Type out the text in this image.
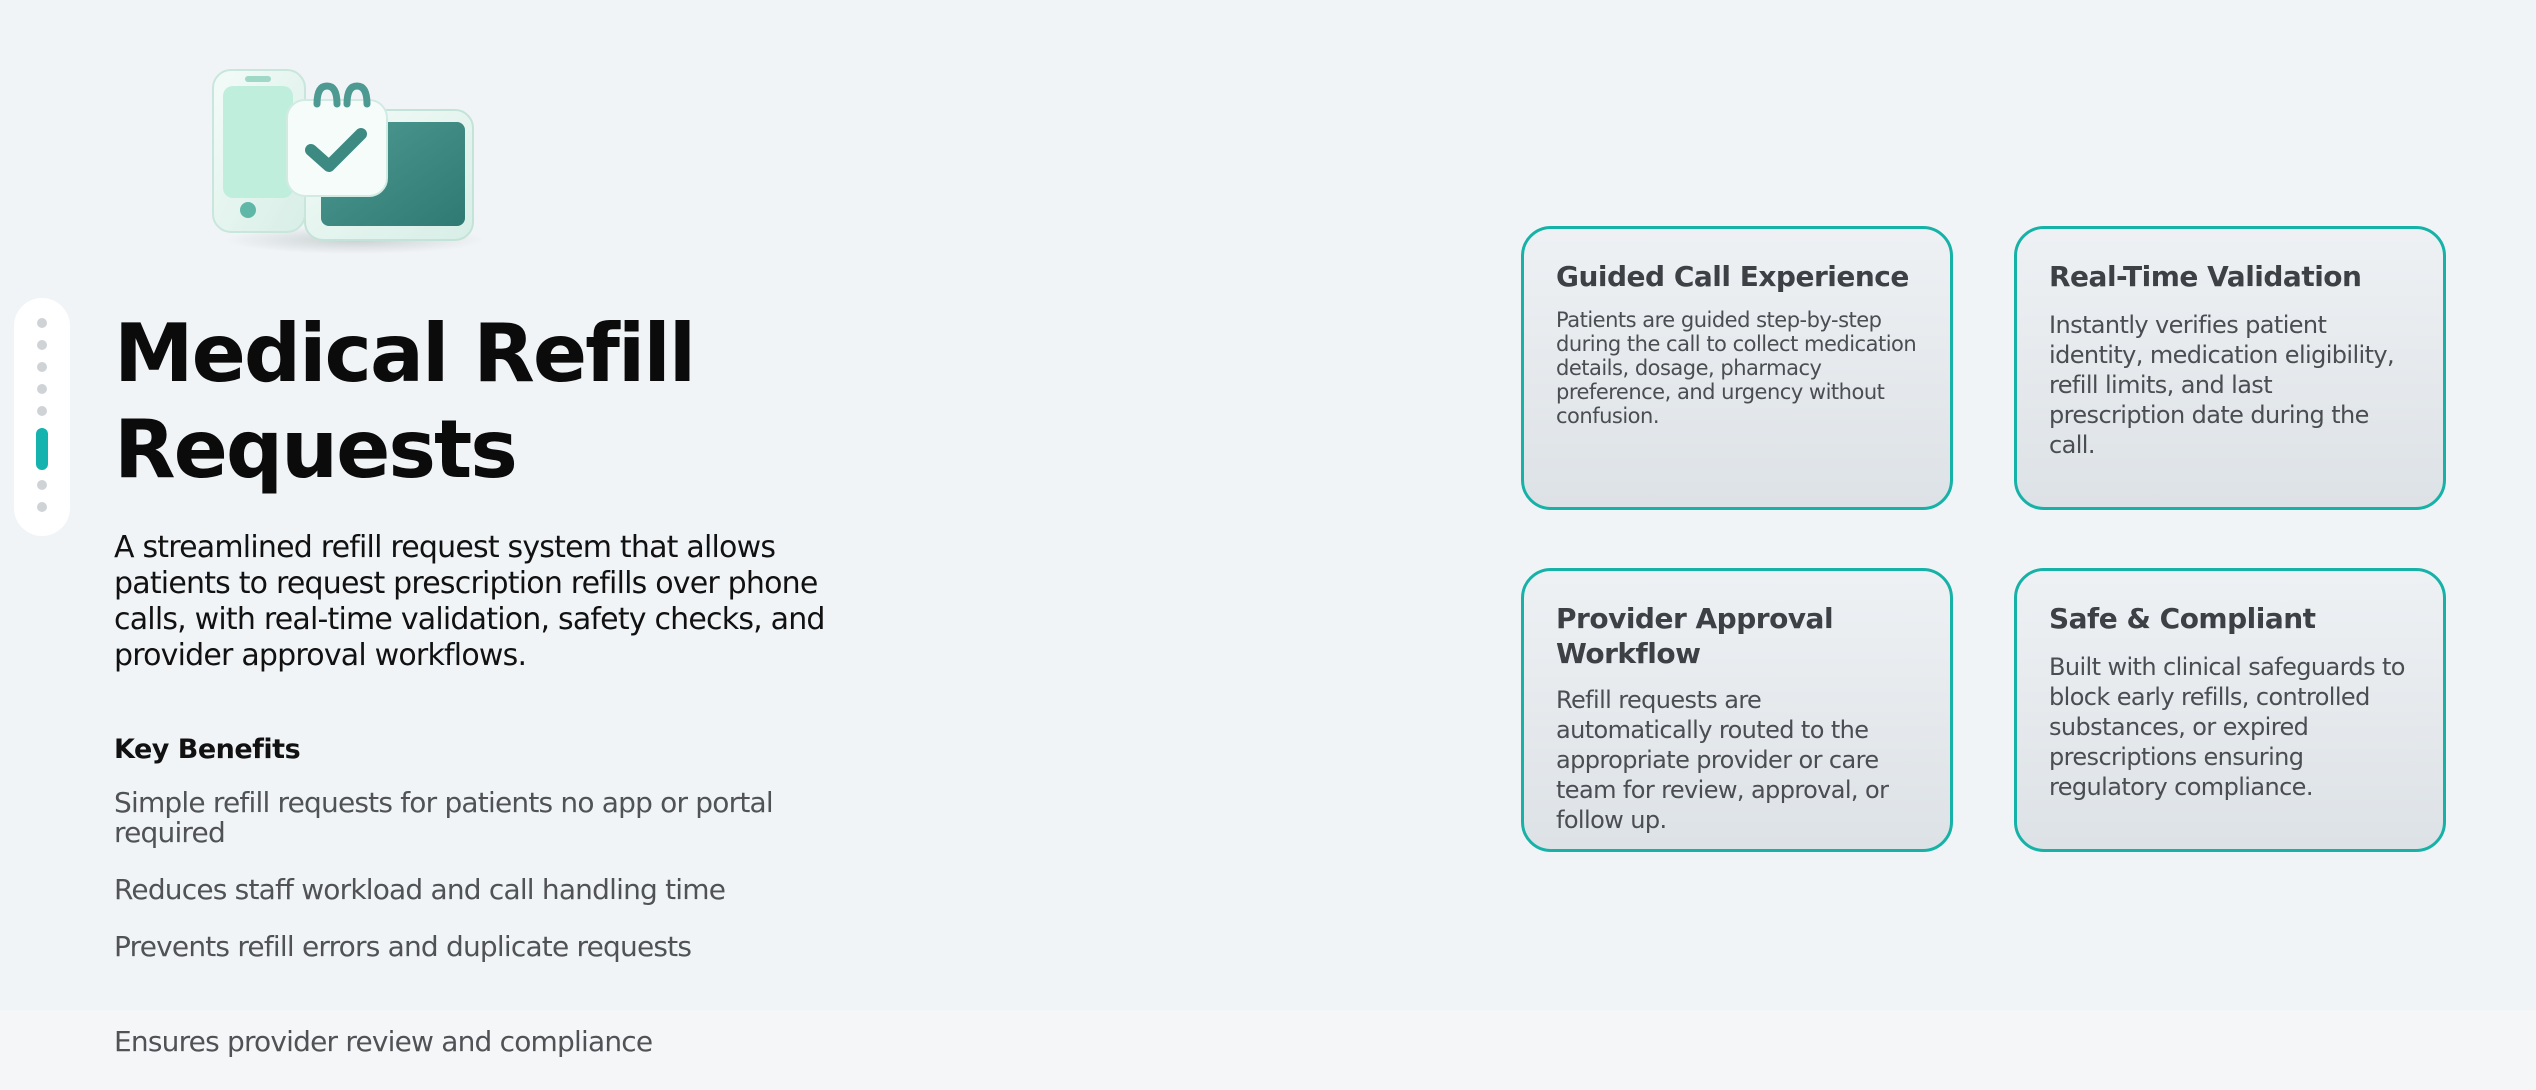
Medical Refill Requests

A streamlined refill request system that allows patients to request prescription refills over phone calls, with real-time validation, safety checks, and provider approval workflows.

Key Benefits

Simple refill requests for patients no app or portal required

Reduces staff workload and call handling time

Prevents refill errors and duplicate requests

Ensures provider review and compliance

Guided Call Experience

Patients are guided step-by-step during the call to collect medication details, dosage, pharmacy preference, and urgency without confusion.

Real-Time Validation

Instantly verifies patient identity, medication eligibility, refill limits, and last prescription date during the call.

Provider Approval Workflow

Refill requests are automatically routed to the appropriate provider or care team for review, approval, or follow up.

Safe & Compliant

Built with clinical safeguards to block early refills, controlled substances, or expired prescriptions ensuring regulatory compliance.
